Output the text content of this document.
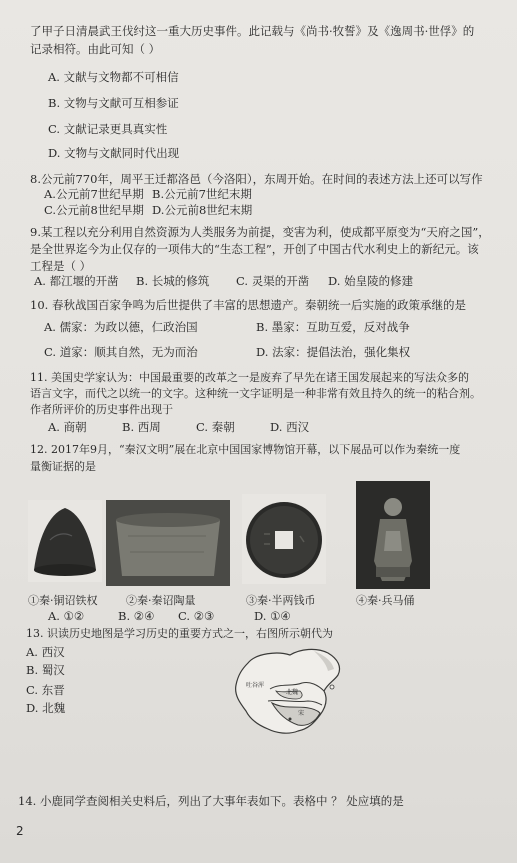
了甲子日清晨武王伐纣这一重大历史事件。此记载与《尚书·牧誓》及《逸周书·世俘》的
记录相符。由此可知（ ）
A. 文献与文物都不可相信
B. 文物与文献可互相参证
C. 文献记录更具真实性
D. 文物与文献同时代出现
8.公元前770年，周平王迁都洛邑（今洛阳），东周开始。在时间的表述方法上还可以写作
A.公元前7世纪早期 B.公元前7世纪末期
C.公元前8世纪早期 D.公元前8世纪末期
9.某工程以充分利用自然资源为人类服务为前提，变害为利，使成都平原变为“天府之国”，
是全世界迄今为止仅存的一项伟大的“生态工程”，开创了中国古代水利史上的新纪元。该
工程是（ ）
A. 都江堰的开凿 B. 长城的修筑 C. 灵渠的开凿 D. 始皇陵的修建
10. 春秋战国百家争鸣为后世提供了丰富的思想遗产。秦朝统一后实施的政策承继的是
A. 儒家：为政以德，仁政治国	B. 墨家：互助互爱，反对战争
C. 道家：顺其自然，无为而治	D. 法家：提倡法治，强化集权
11. 美国史学家认为：中国最重要的改革之一是废弃了早先在诸王国发展起来的写法众多的
语言文字，而代之以统一的文字。这种统一文字证明是一种非常有效且持久的统一的粘合剂。
作者所评价的历史事件出现于
A. 商朝	B. 西周	C. 秦朝	D. 西汉
12. 2017年9月，“秦汉文明”展在北京中国国家博物馆开幕，以下展品可以作为秦统一度
量衡证据的是
①秦·铜诏铁权	②秦·秦诏陶量	③秦·半两钱币	④秦·兵马俑
A. ①②	B. ②④ C. ②③	D. ①④
13. 识读历史地图是学习历史的重要方式之一，右图所示朝代为
A. 西汉
B. 蜀汉
C. 东晋
D. 北魏
吐谷浑
北魏
宋
14. 小鹿同学查阅相关史料后，列出了大事年表如下。表格中 ？ 处应填的是
2
